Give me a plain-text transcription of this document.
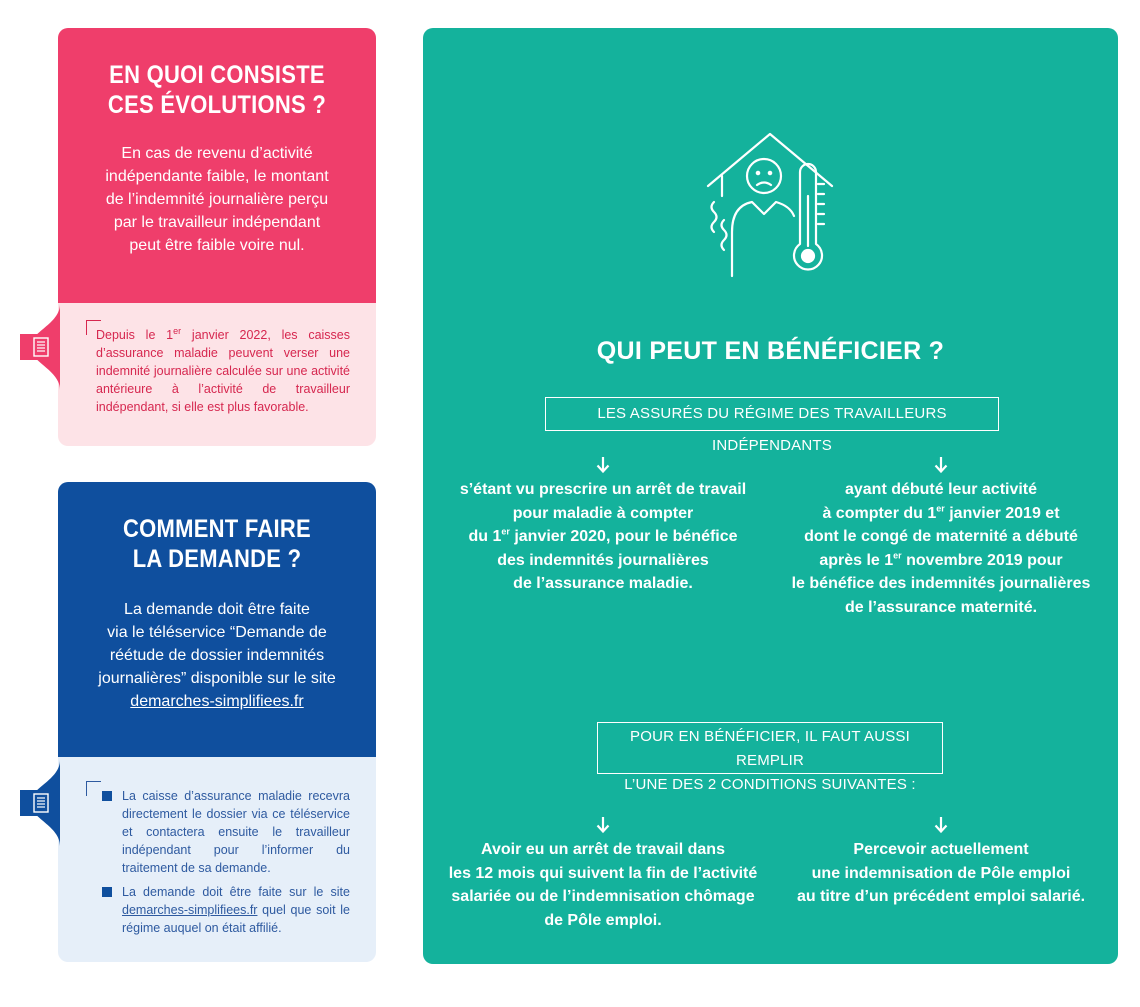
EN QUOI CONSISTE
CES ÉVOLUTIONS ?

En cas de revenu d’activité
indépendante faible, le montant
de l’indemnité journalière perçu
par le travailleur indépendant
peut être faible voire nul.
Depuis le 1er janvier 2022, les caisses d’assurance maladie peuvent verser une indemnité journalière calculée sur une activité antérieure à l’activité de travailleur indépendant, si elle est plus favorable.

COMMENT FAIRE
LA DEMANDE ?

La demande doit être faite
via le téléservice “Demande de
réétude de dossier indemnités
journalières” disponible sur le site
demarches-simplifiees.fr
La caisse d’assurance maladie recevra directement le dossier via ce téléservice et contactera ensuite le travailleur indépendant pour l’informer du traitement de sa demande.
La demande doit être faite sur le site demarches-simplifiees.fr quel que soit le régime auquel on était affilié.
QUI PEUT EN BÉNÉFICIER ?
LES ASSURÉS DU RÉGIME DES TRAVAILLEURS INDÉPENDANTS
s’étant vu prescrire un arrêt de travail
pour maladie à compter
du 1er janvier 2020, pour le bénéfice
des indemnités journalières
de l’assurance maladie.
ayant débuté leur activité
à compter du 1er janvier 2019 et
dont le congé de maternité a débuté
après le 1er novembre 2019 pour
le bénéfice des indemnités journalières
de l’assurance maternité.
POUR EN BÉNÉFICIER, IL FAUT AUSSI REMPLIR
L’UNE DES 2 CONDITIONS SUIVANTES :
Avoir eu un arrêt de travail dans
les 12 mois qui suivent la fin de l’activité
salariée ou de l’indemnisation chômage
de Pôle emploi.
Percevoir actuellement
une indemnisation de Pôle emploi
au titre d’un précédent emploi salarié.
